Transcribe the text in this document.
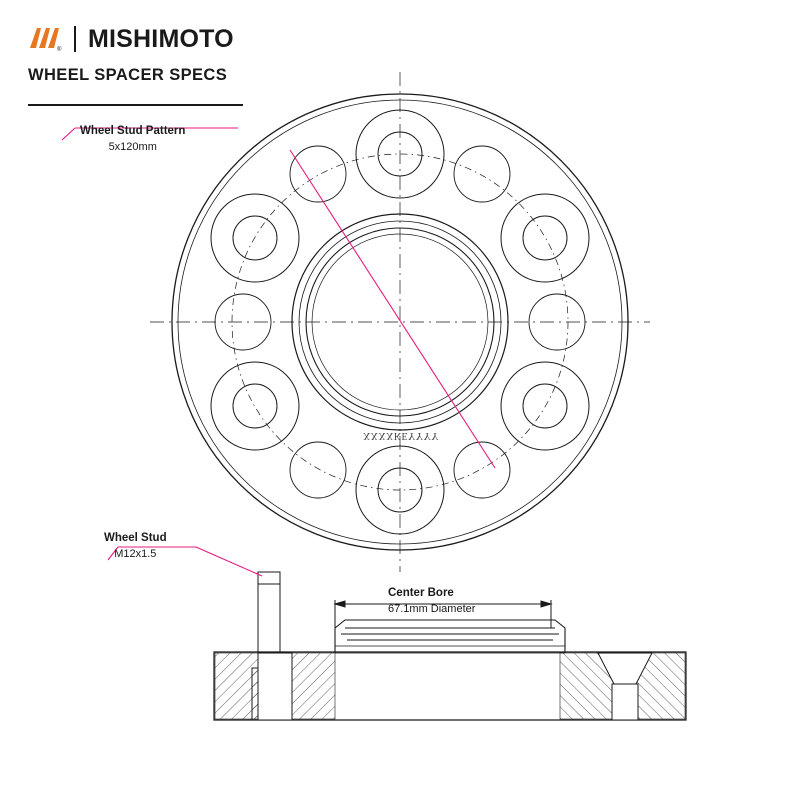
® MISHIMOTO
WHEEL SPACER SPECS
XXXXKEYYYY
Wheel Stud Pattern
5x120mm
Wheel Stud
M12x1.5
Center Bore
67.1mm Diameter
